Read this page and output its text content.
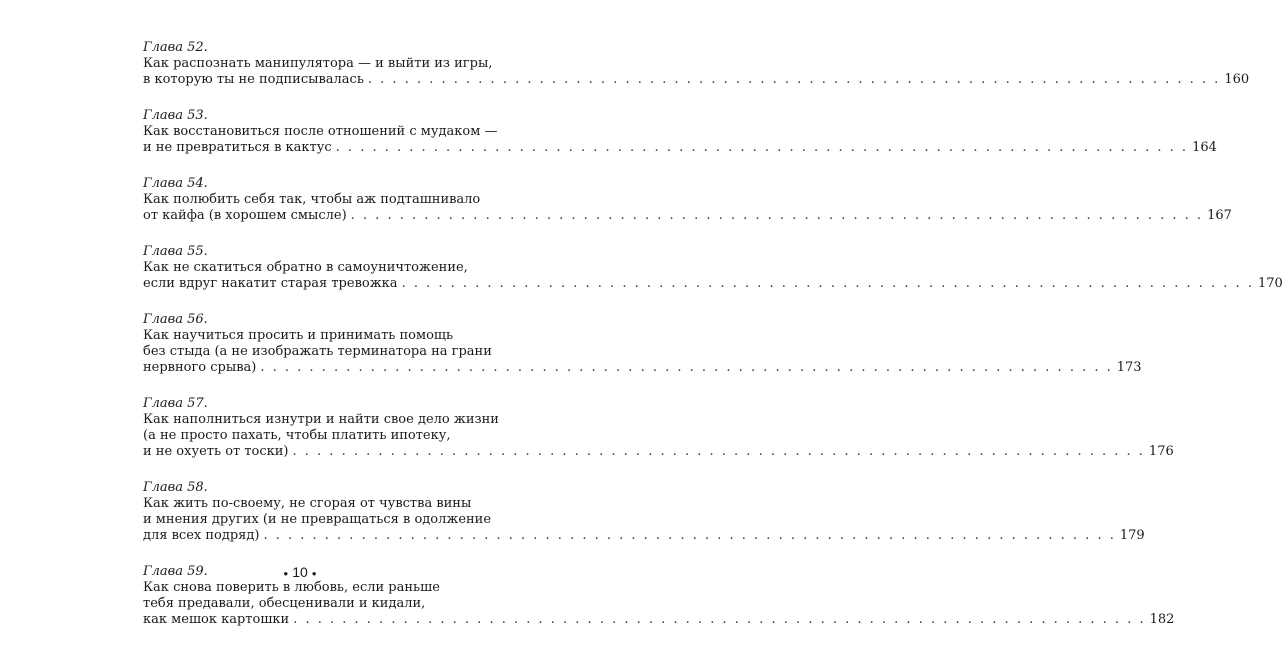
Глава 52.
Как распознать манипулятора — и выйти из игры,
в которую ты не подписывалась . . .	160
Глава 53.
Как восстановиться после отношений с мудаком —
и не превратиться в кактус . . .	164
Глава 54.
Как полюбить себя так, чтобы аж подташнивало
от кайфа (в хорошем смысле) . . .	167
Глава 55.
Как не скатиться обратно в самоуничтожение,
если вдруг накатит старая тревожка . . .	170
Глава 56.
Как научиться просить и принимать помощь
без стыда (а не изображать терминатора на грани
нервного срыва) . . .	173
Глава 57.
Как наполниться изнутри и найти свое дело жизни
(а не просто пахать, чтобы платить ипотеку,
и не охуеть от тоски) . . .	176
Глава 58.
Как жить по-своему, не сгорая от чувства вины
и мнения других (и не превращаться в одолжение
для всех подряд) . . .	179
Глава 59.
Как снова поверить в любовь, если раньше
тебя предавали, обесценивали и кидали,
как мешок картошки . . .	182
● 10 ●
